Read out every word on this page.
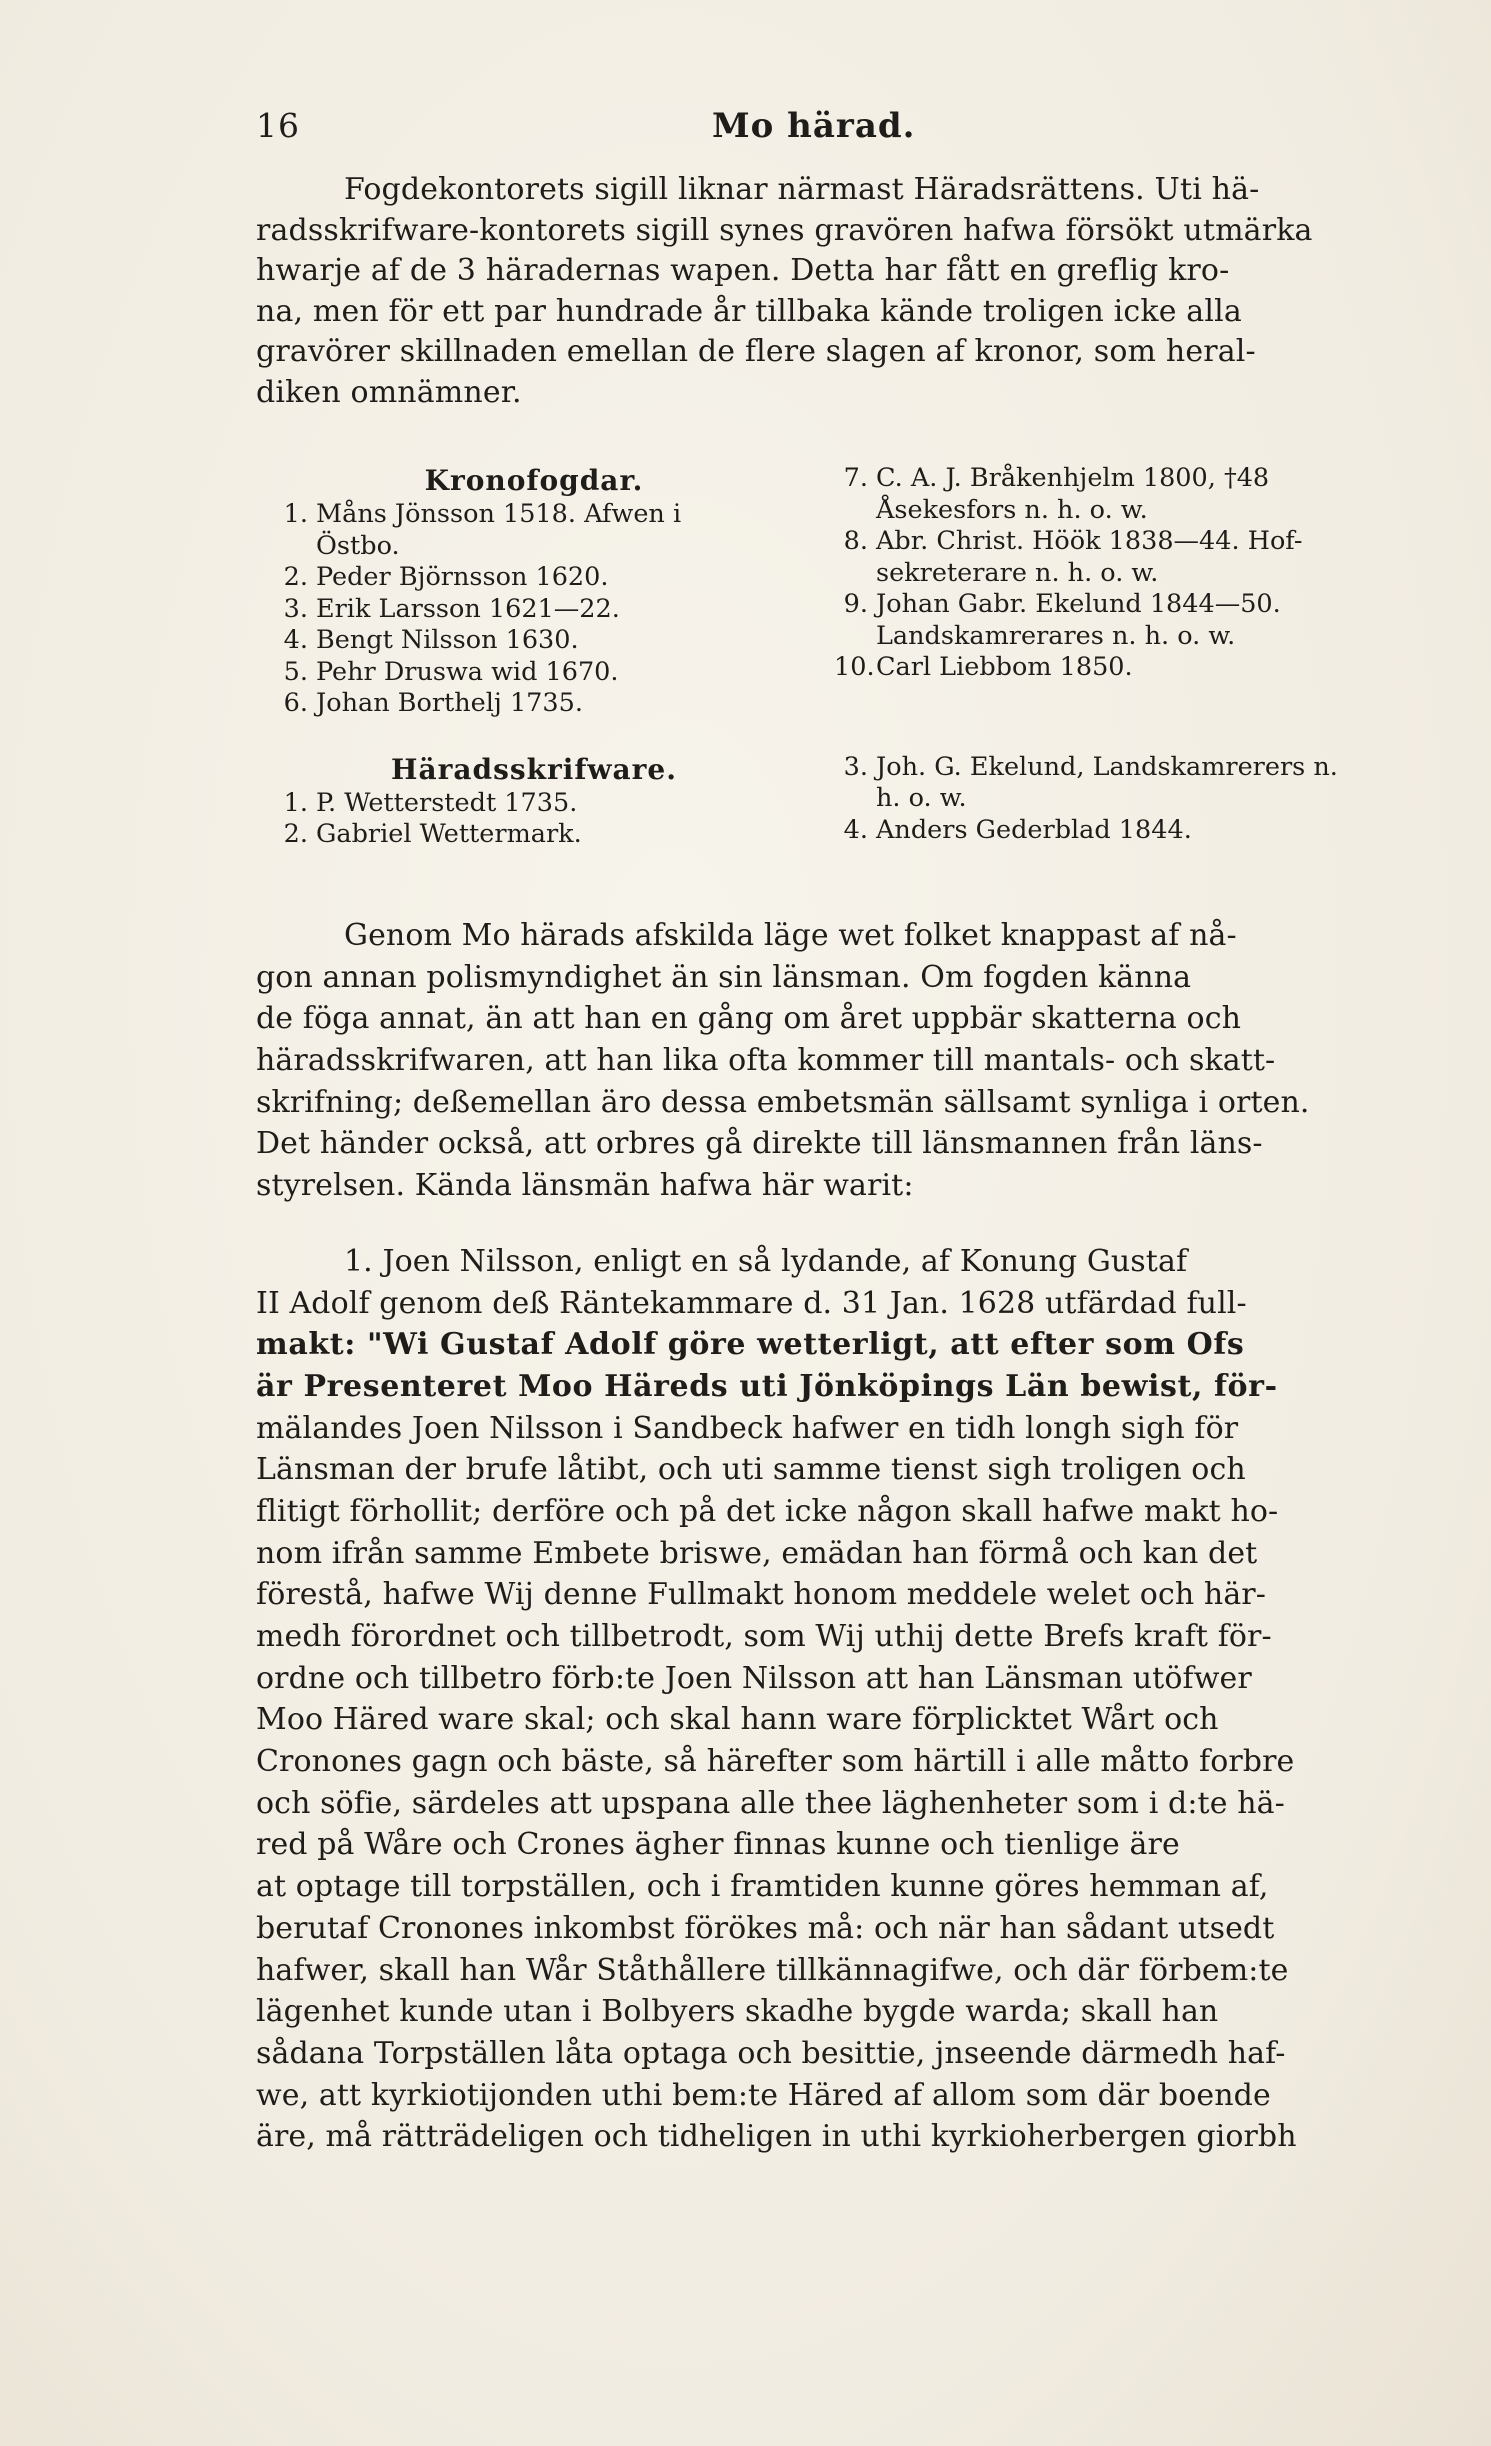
16	Mo härad.
Fogdekontorets sigill liknar närmast Häradsrättens. Uti hä-
radsskrifware-kontorets sigill synes gravören hafwa försökt utmärka
hwarje af de 3 häradernas wapen. Detta har fått en greflig kro-
na, men för ett par hundrade år tillbaka kände troligen icke alla
gravörer skillnaden emellan de flere slagen af kronor, som heral-
diken omnämner.
Kronofogdar.
1. Måns Jönsson 1518. Afwen i
Östbo.
2. Peder Björnsson 1620.
3. Erik Larsson 1621—22.
4. Bengt Nilsson 1630.
5. Pehr Druswa wid 1670.
6. Johan Borthelj 1735.
Häradsskrifware.
1. P. Wetterstedt 1735.
2. Gabriel Wettermark.
7. C. A. J. Bråkenhjelm 1800, †48
Åsekesfors n. h. o. w.
8. Abr. Christ. Höök 1838—44. Hof-
sekreterare n. h. o. w.
9. Johan Gabr. Ekelund 1844—50.
Landskamrerares n. h. o. w.
10.Carl Liebbom 1850.
3. Joh. G. Ekelund, Landskamrerers n.
h. o. w.
4. Anders Gederblad 1844.
Genom Mo härads afskilda läge wet folket knappast af nå-
gon annan polismyndighet än sin länsman. Om fogden känna
de föga annat, än att han en gång om året uppbär skatterna och
häradsskrifwaren, att han lika ofta kommer till mantals- och skatt-
skrifning; deßemellan äro dessa embetsmän sällsamt synliga i orten.
Det händer också, att orbres gå direkte till länsmannen från läns-
styrelsen. Kända länsmän hafwa här warit:
1. Joen Nilsson, enligt en så lydande, af Konung Gustaf
II Adolf genom deß Räntekammare d. 31 Jan. 1628 utfärdad full-
makt: "Wi Gustaf Adolf göre wetterligt, att efter som Ofs
är Presenteret Moo Häreds uti Jönköpings Län bewist, för-
mälandes Joen Nilsson i Sandbeck hafwer en tidh longh sigh för
Länsman der brufe låtibt, och uti samme tienst sigh troligen och
flitigt förhollit; derföre och på det icke någon skall hafwe makt ho-
nom ifrån samme Embete briswe, emädan han förmå och kan det
förestå, hafwe Wij denne Fullmakt honom meddele welet och här-
medh förordnet och tillbetrodt, som Wij uthij dette Brefs kraft för-
ordne och tillbetro förb:te Joen Nilsson att han Länsman utöfwer
Moo Häred ware skal; och skal hann ware förplicktet Wårt och
Cronones gagn och bäste, så härefter som härtill i alle måtto forbre
och söfie, särdeles att upspana alle thee läghenheter som i d:te hä-
red på Wåre och Crones ägher finnas kunne och tienlige äre
at optage till torpställen, och i framtiden kunne göres hemman af,
berutaf Cronones inkombst förökes må: och när han sådant utsedt
hafwer, skall han Wår Ståthållere tillkännagifwe, och där förbem:te
lägenhet kunde utan i Bolbyers skadhe bygde warda; skall han
sådana Torpställen låta optaga och besittie, jnseende därmedh haf-
we, att kyrkiotijonden uthi bem:te Häred af allom som där boende
äre, må rätträdeligen och tidheligen in uthi kyrkioherbergen giorbh
